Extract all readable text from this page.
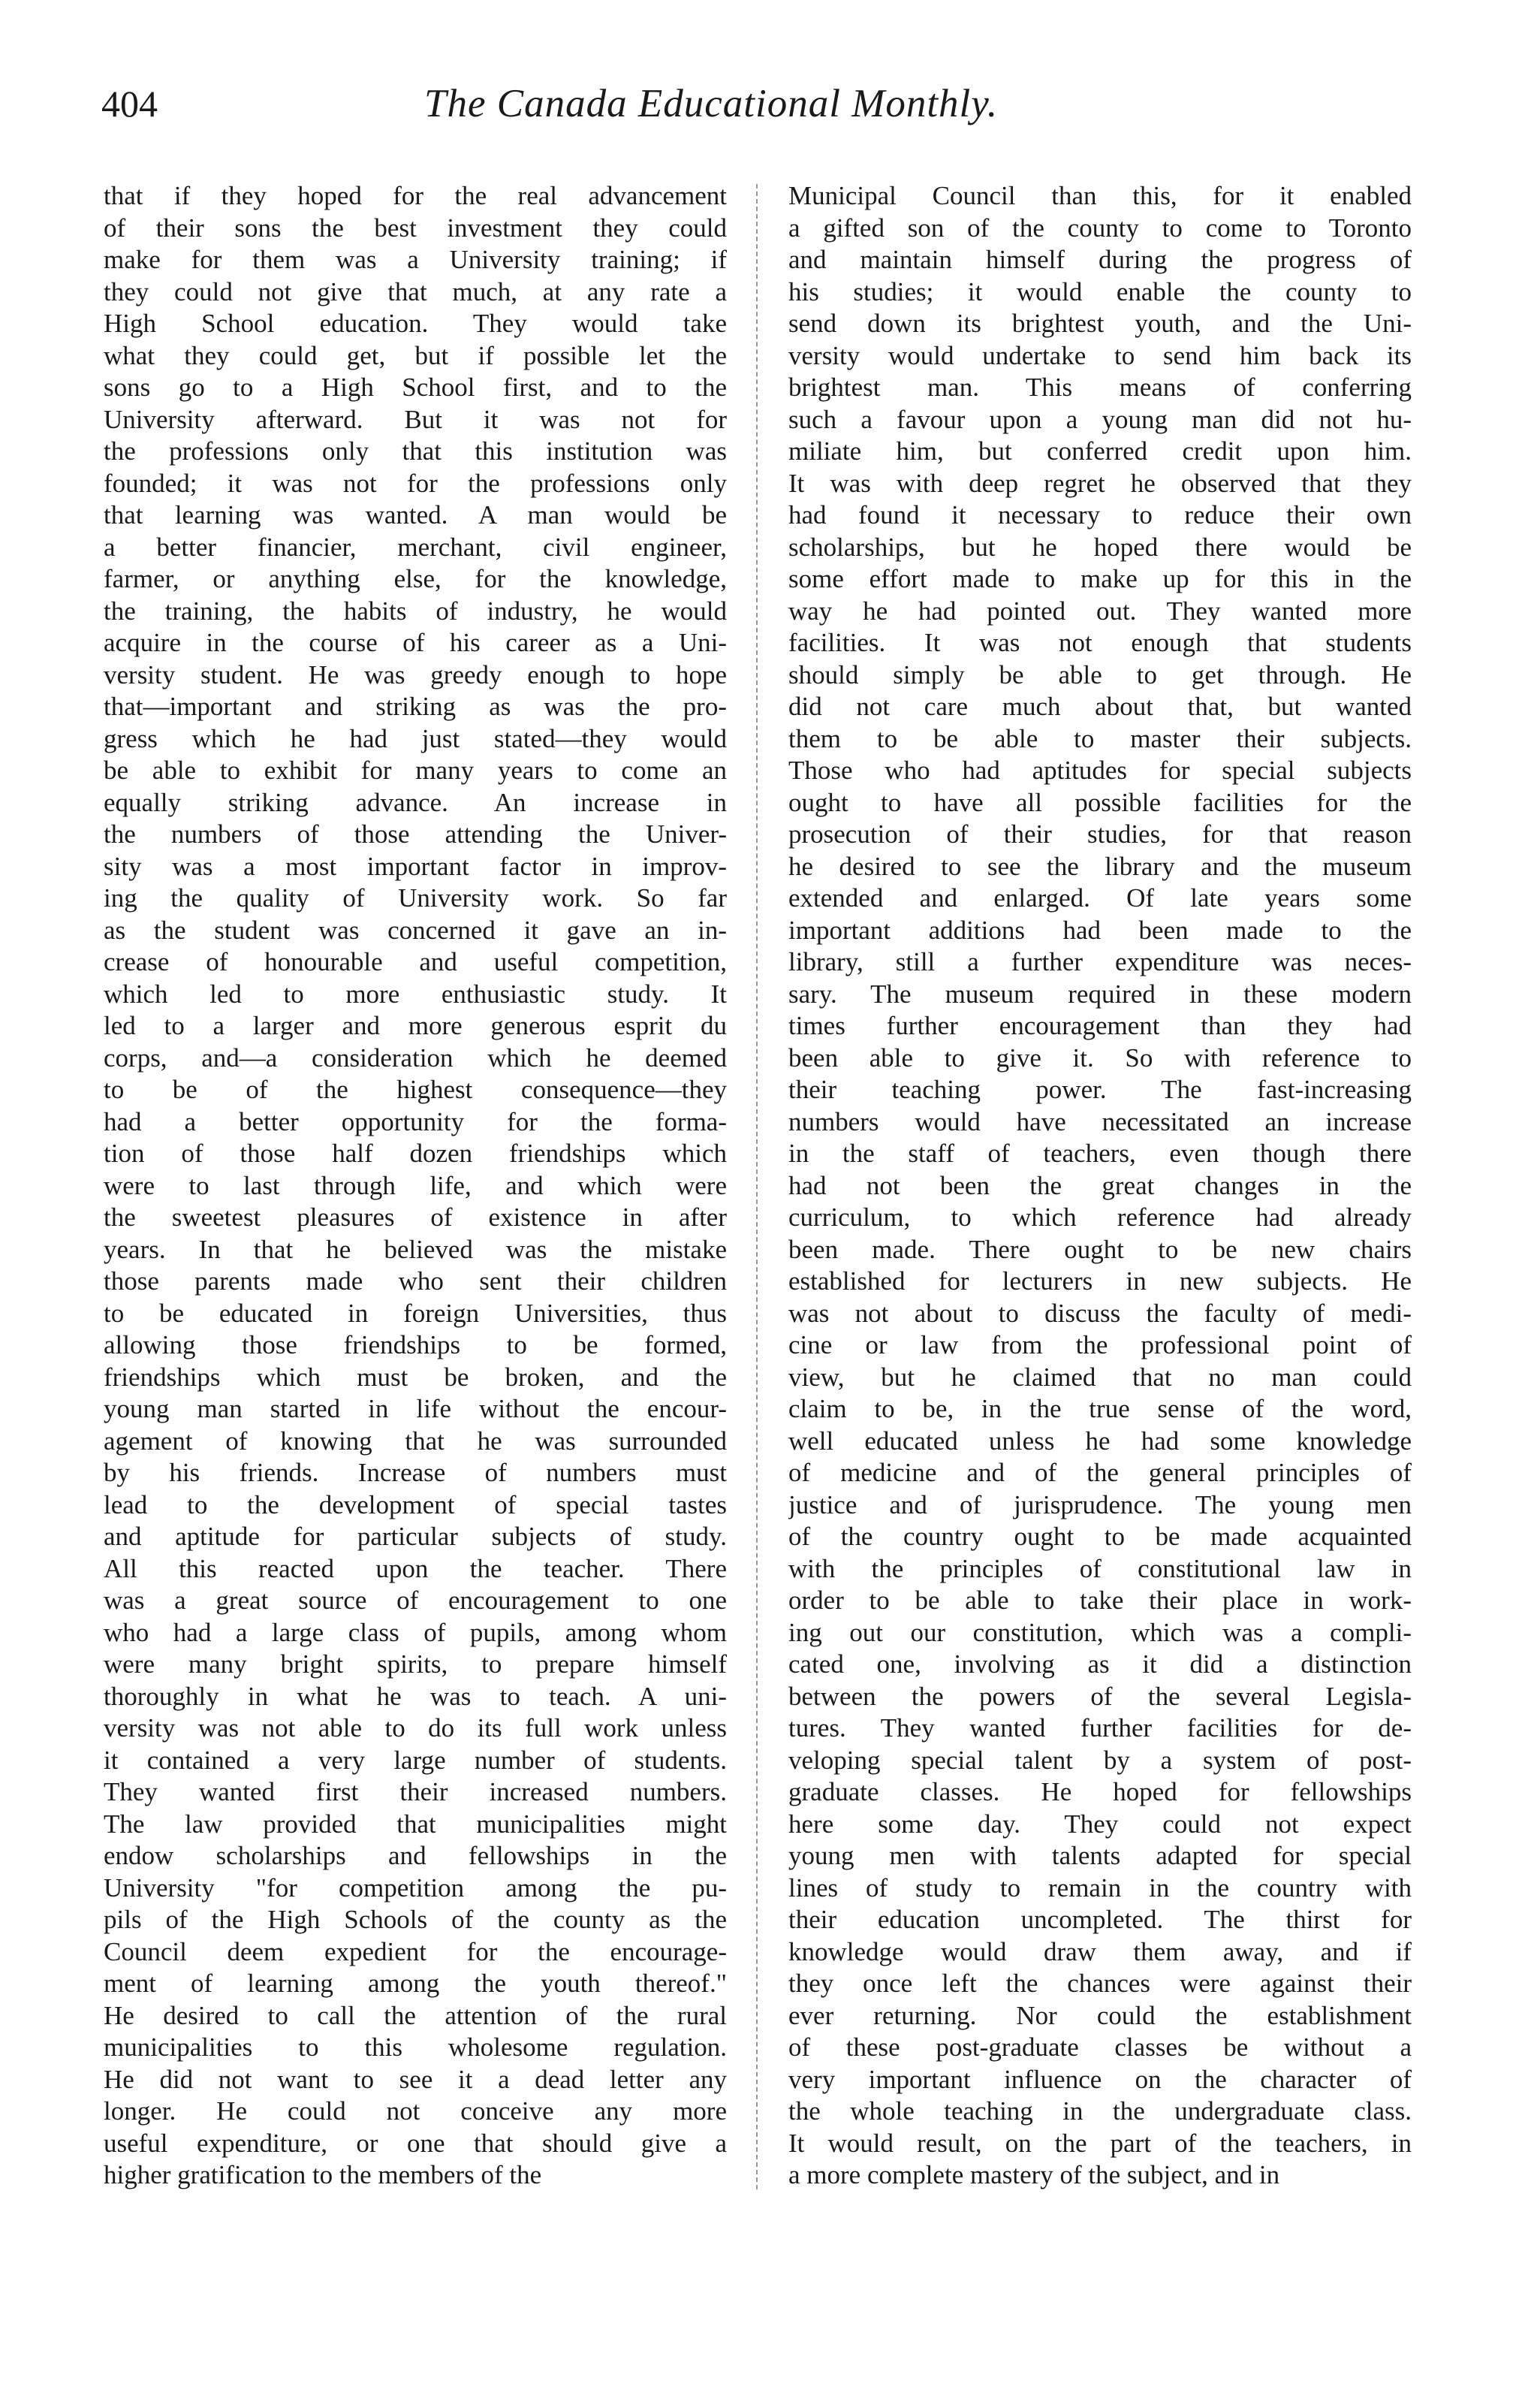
404	The Canada Educational Monthly.
that if they hoped for the real advancement
of their sons the best investment they could
make for them was a University training; if
they could not give that much, at any rate a
High School education. They would take
what they could get, but if possible let the
sons go to a High School first, and to the
University afterward. But it was not for
the professions only that this institution was
founded; it was not for the professions only
that learning was wanted. A man would be
a better financier, merchant, civil engineer,
farmer, or anything else, for the knowledge,
the training, the habits of industry, he would
acquire in the course of his career as a Uni-
versity student. He was greedy enough to hope
that—important and striking as was the pro-
gress which he had just stated—they would
be able to exhibit for many years to come an
equally striking advance. An increase in
the numbers of those attending the Univer-
sity was a most important factor in improv-
ing the quality of University work. So far
as the student was concerned it gave an in-
crease of honourable and useful competition,
which led to more enthusiastic study. It
led to a larger and more generous esprit du
corps, and—a consideration which he deemed
to be of the highest consequence—they
had a better opportunity for the forma-
tion of those half dozen friendships which
were to last through life, and which were
the sweetest pleasures of existence in after
years. In that he believed was the mistake
those parents made who sent their children
to be educated in foreign Universities, thus
allowing those friendships to be formed,
friendships which must be broken, and the
young man started in life without the encour-
agement of knowing that he was surrounded
by his friends. Increase of numbers must
lead to the development of special tastes
and aptitude for particular subjects of study.
All this reacted upon the teacher. There
was a great source of encouragement to one
who had a large class of pupils, among whom
were many bright spirits, to prepare himself
thoroughly in what he was to teach. A uni-
versity was not able to do its full work unless
it contained a very large number of students.
They wanted first their increased numbers.
The law provided that municipalities might
endow scholarships and fellowships in the
University "for competition among the pu-
pils of the High Schools of the county as the
Council deem expedient for the encourage-
ment of learning among the youth thereof."
He desired to call the attention of the rural
municipalities to this wholesome regulation.
He did not want to see it a dead letter any
longer. He could not conceive any more
useful expenditure, or one that should give a
higher gratification to the members of the
Municipal Council than this, for it enabled
a gifted son of the county to come to Toronto
and maintain himself during the progress of
his studies; it would enable the county to
send down its brightest youth, and the Uni-
versity would undertake to send him back its
brightest man. This means of conferring
such a favour upon a young man did not hu-
miliate him, but conferred credit upon him.
It was with deep regret he observed that they
had found it necessary to reduce their own
scholarships, but he hoped there would be
some effort made to make up for this in the
way he had pointed out. They wanted more
facilities. It was not enough that students
should simply be able to get through. He
did not care much about that, but wanted
them to be able to master their subjects.
Those who had aptitudes for special subjects
ought to have all possible facilities for the
prosecution of their studies, for that reason
he desired to see the library and the museum
extended and enlarged. Of late years some
important additions had been made to the
library, still a further expenditure was neces-
sary. The museum required in these modern
times further encouragement than they had
been able to give it. So with reference to
their teaching power. The fast-increasing
numbers would have necessitated an increase
in the staff of teachers, even though there
had not been the great changes in the
curriculum, to which reference had already
been made. There ought to be new chairs
established for lecturers in new subjects. He
was not about to discuss the faculty of medi-
cine or law from the professional point of
view, but he claimed that no man could
claim to be, in the true sense of the word,
well educated unless he had some knowledge
of medicine and of the general principles of
justice and of jurisprudence. The young men
of the country ought to be made acquainted
with the principles of constitutional law in
order to be able to take their place in work-
ing out our constitution, which was a compli-
cated one, involving as it did a distinction
between the powers of the several Legisla-
tures. They wanted further facilities for de-
veloping special talent by a system of post-
graduate classes. He hoped for fellowships
here some day. They could not expect
young men with talents adapted for special
lines of study to remain in the country with
their education uncompleted. The thirst for
knowledge would draw them away, and if
they once left the chances were against their
ever returning. Nor could the establishment
of these post-graduate classes be without a
very important influence on the character of
the whole teaching in the undergraduate class.
It would result, on the part of the teachers, in
a more complete mastery of the subject, and in
